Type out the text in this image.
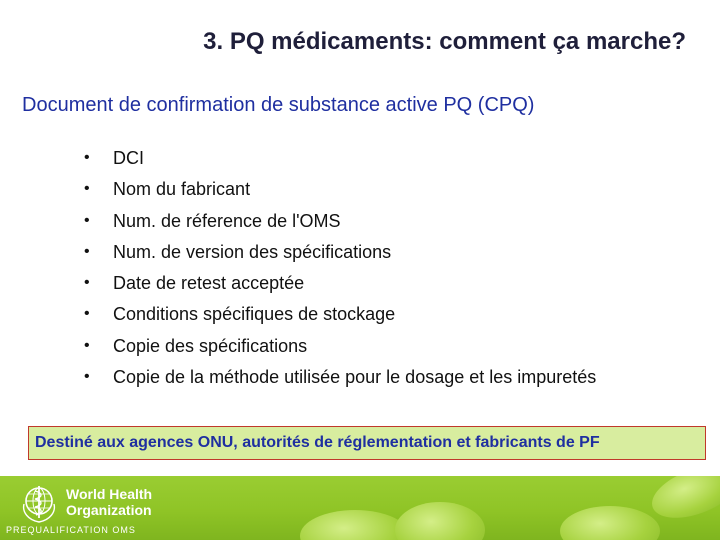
3. PQ médicaments: comment ça marche?
Document de confirmation de substance active PQ (CPQ)
•	DCI
•	Nom du fabricant
•	Num. de réference de l'OMS
•	Num. de version des spécifications
•	Date de retest acceptée
•	Conditions spécifiques de stockage
•	Copie des spécifications
•	Copie de la méthode utilisée pour le dosage et les impuretés
Destiné aux agences ONU, autorités de réglementation et fabricants de PF
World Health
Organization
PREQUALIFICATION OMS
